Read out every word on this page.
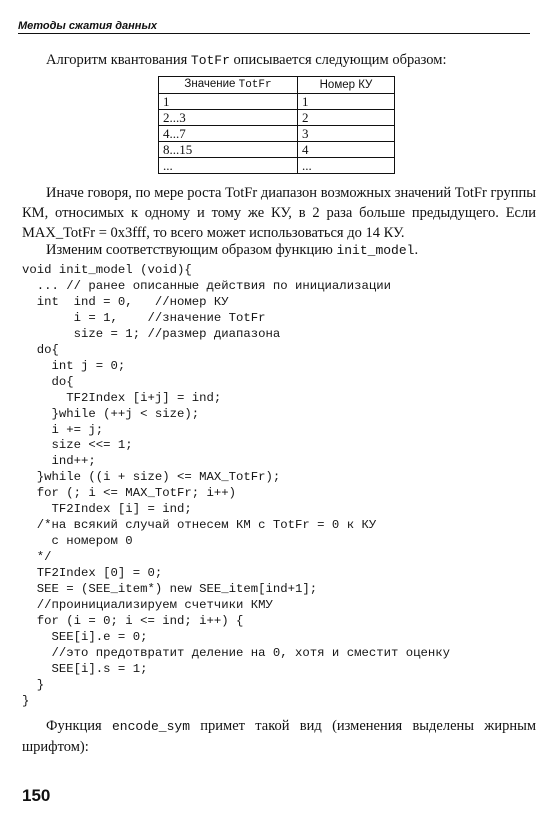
Методы сжатия данных
Алгоритм квантования TotFr описывается следующим образом:
Значение TotFr	Номер КУ
1	1
2...3	2
4...7	3
8...15	4
...	...
Иначе говоря, по мере роста TotFr диапазон возможных значений TotFr группы КМ, относимых к одному и тому же КУ, в 2 раза больше предыдущего. Если MAX_TotFr = 0x3fff, то всего может использоваться до 14 КУ.
Изменим соответствующим образом функцию init_model.
void init_model (void){
... // ранее описанные действия по инициализации
int  ind = 0,   //номер КУ
i = 1,    //значение TotFr
size = 1; //размер диапазона
do{
int j = 0;
do{
TF2Index [i+j] = ind;
}while (++j < size);
i += j;
size <<= 1;
ind++;
}while ((i + size) <= MAX_TotFr);
for (; i <= MAX_TotFr; i++)
TF2Index [i] = ind;
/*на всякий случай отнесем КМ с TotFr = 0 к КУ
с номером 0
*/
TF2Index [0] = 0;
SEE = (SEE_item*) new SEE_item[ind+1];
//проинициализируем счетчики КМУ
for (i = 0; i <= ind; i++) {
SEE[i].e = 0;
//это предотвратит деление на 0, хотя и сместит оценку
SEE[i].s = 1;
}
}
Функция encode_sym примет такой вид (изменения выделены жирным шрифтом):
150
